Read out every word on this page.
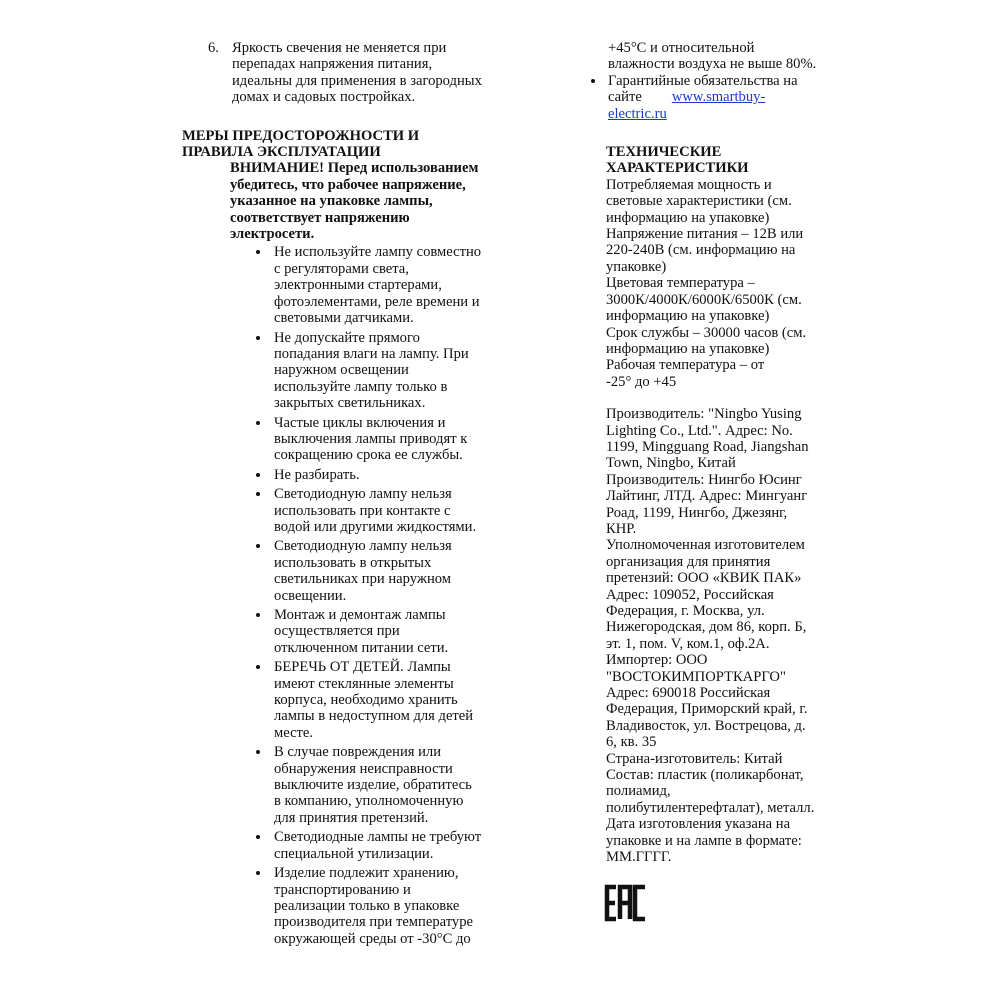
6. Яркость свечения не меняется при
перепадах напряжения питания,
идеальны для применения в загородных
домах и садовых постройках.
МЕРЫ ПРЕДОСТОРОЖНОСТИ И
ПРАВИЛА ЭКСПЛУАТАЦИИ
ВНИМАНИЕ! Перед использованием
убедитесь, что рабочее напряжение,
указанное на упаковке лампы,
соответствует напряжению
электросети.
Не используйте лампу совместно
с регуляторами света,
электронными стартерами,
фотоэлементами, реле времени и
световыми датчиками.
Не допускайте прямого
попадания влаги на лампу. При
наружном освещении
используйте лампу только в
закрытых светильниках.
Частые циклы включения и
выключения лампы приводят к
сокращению срока ее службы.
Не разбирать.
Светодиодную лампу нельзя
использовать при контакте с
водой или другими жидкостями.
Светодиодную лампу нельзя
использовать в открытых
светильниках при наружном
освещении.
Монтаж и демонтаж лампы
осуществляется при
отключенном питании сети.
БЕРЕЧЬ ОТ ДЕТЕЙ. Лампы
имеют стеклянные элементы
корпуса, необходимо хранить
лампы в недоступном для детей
месте.
В случае повреждения или
обнаружения неисправности
выключите изделие, обратитесь
в компанию, уполномоченную
для принятия претензий.
Светодиодные лампы не требуют
специальной утилизации.
Изделие подлежит хранению,
транспортированию и
реализации только в упаковке
производителя при температуре
окружающей среды от -30°С до
+45°С и относительной
влажности воздуха не выше 80%.
Гарантийные обязательства на
сайте www.smartbuy-electric.ru
ТЕХНИЧЕСКИЕ
ХАРАКТЕРИСТИКИ

Потребляемая мощность и

световые характеристики (см.

информацию на упаковке)

Напряжение питания – 12В или

220-240В (см. информацию на

упаковке)

Цветовая температура –

3000К/4000К/6000К/6500К (см.

информацию на упаковке)

Срок службы – 30000 часов (см.

информацию на упаковке)

Рабочая температура – от

-25° до +45

Производитель: "Ningbo Yusing

Lighting Co., Ltd.". Адрес: No.

1199, Mingguang Road, Jiangshan

Town, Ningbo, Китай

Производитель: Нингбо Юсинг

Лайтинг, ЛТД. Адрес: Мингуанг

Роад, 1199, Нингбо, Джезянг,

КНР.

Уполномоченная изготовителем

организация для принятия

претензий: ООО «КВИК ПАК»

Адрес: 109052, Российская

Федерация, г. Москва, ул.

Нижегородская, дом 86, корп. Б,

эт. 1, пом. V, ком.1, оф.2А.

Импортер: ООО

"ВОСТОКИМПОРТКАРГО"

Адрес: 690018 Российская

Федерация, Приморский край, г.

Владивосток, ул. Вострецова, д.

6, кв. 35

Страна-изготовитель: Китай

Состав: пластик (поликарбонат,

полиамид,

полибутилентерефталат), металл.

Дата изготовления указана на

упаковке и на лампе в формате:

ММ.ГГГГ.
